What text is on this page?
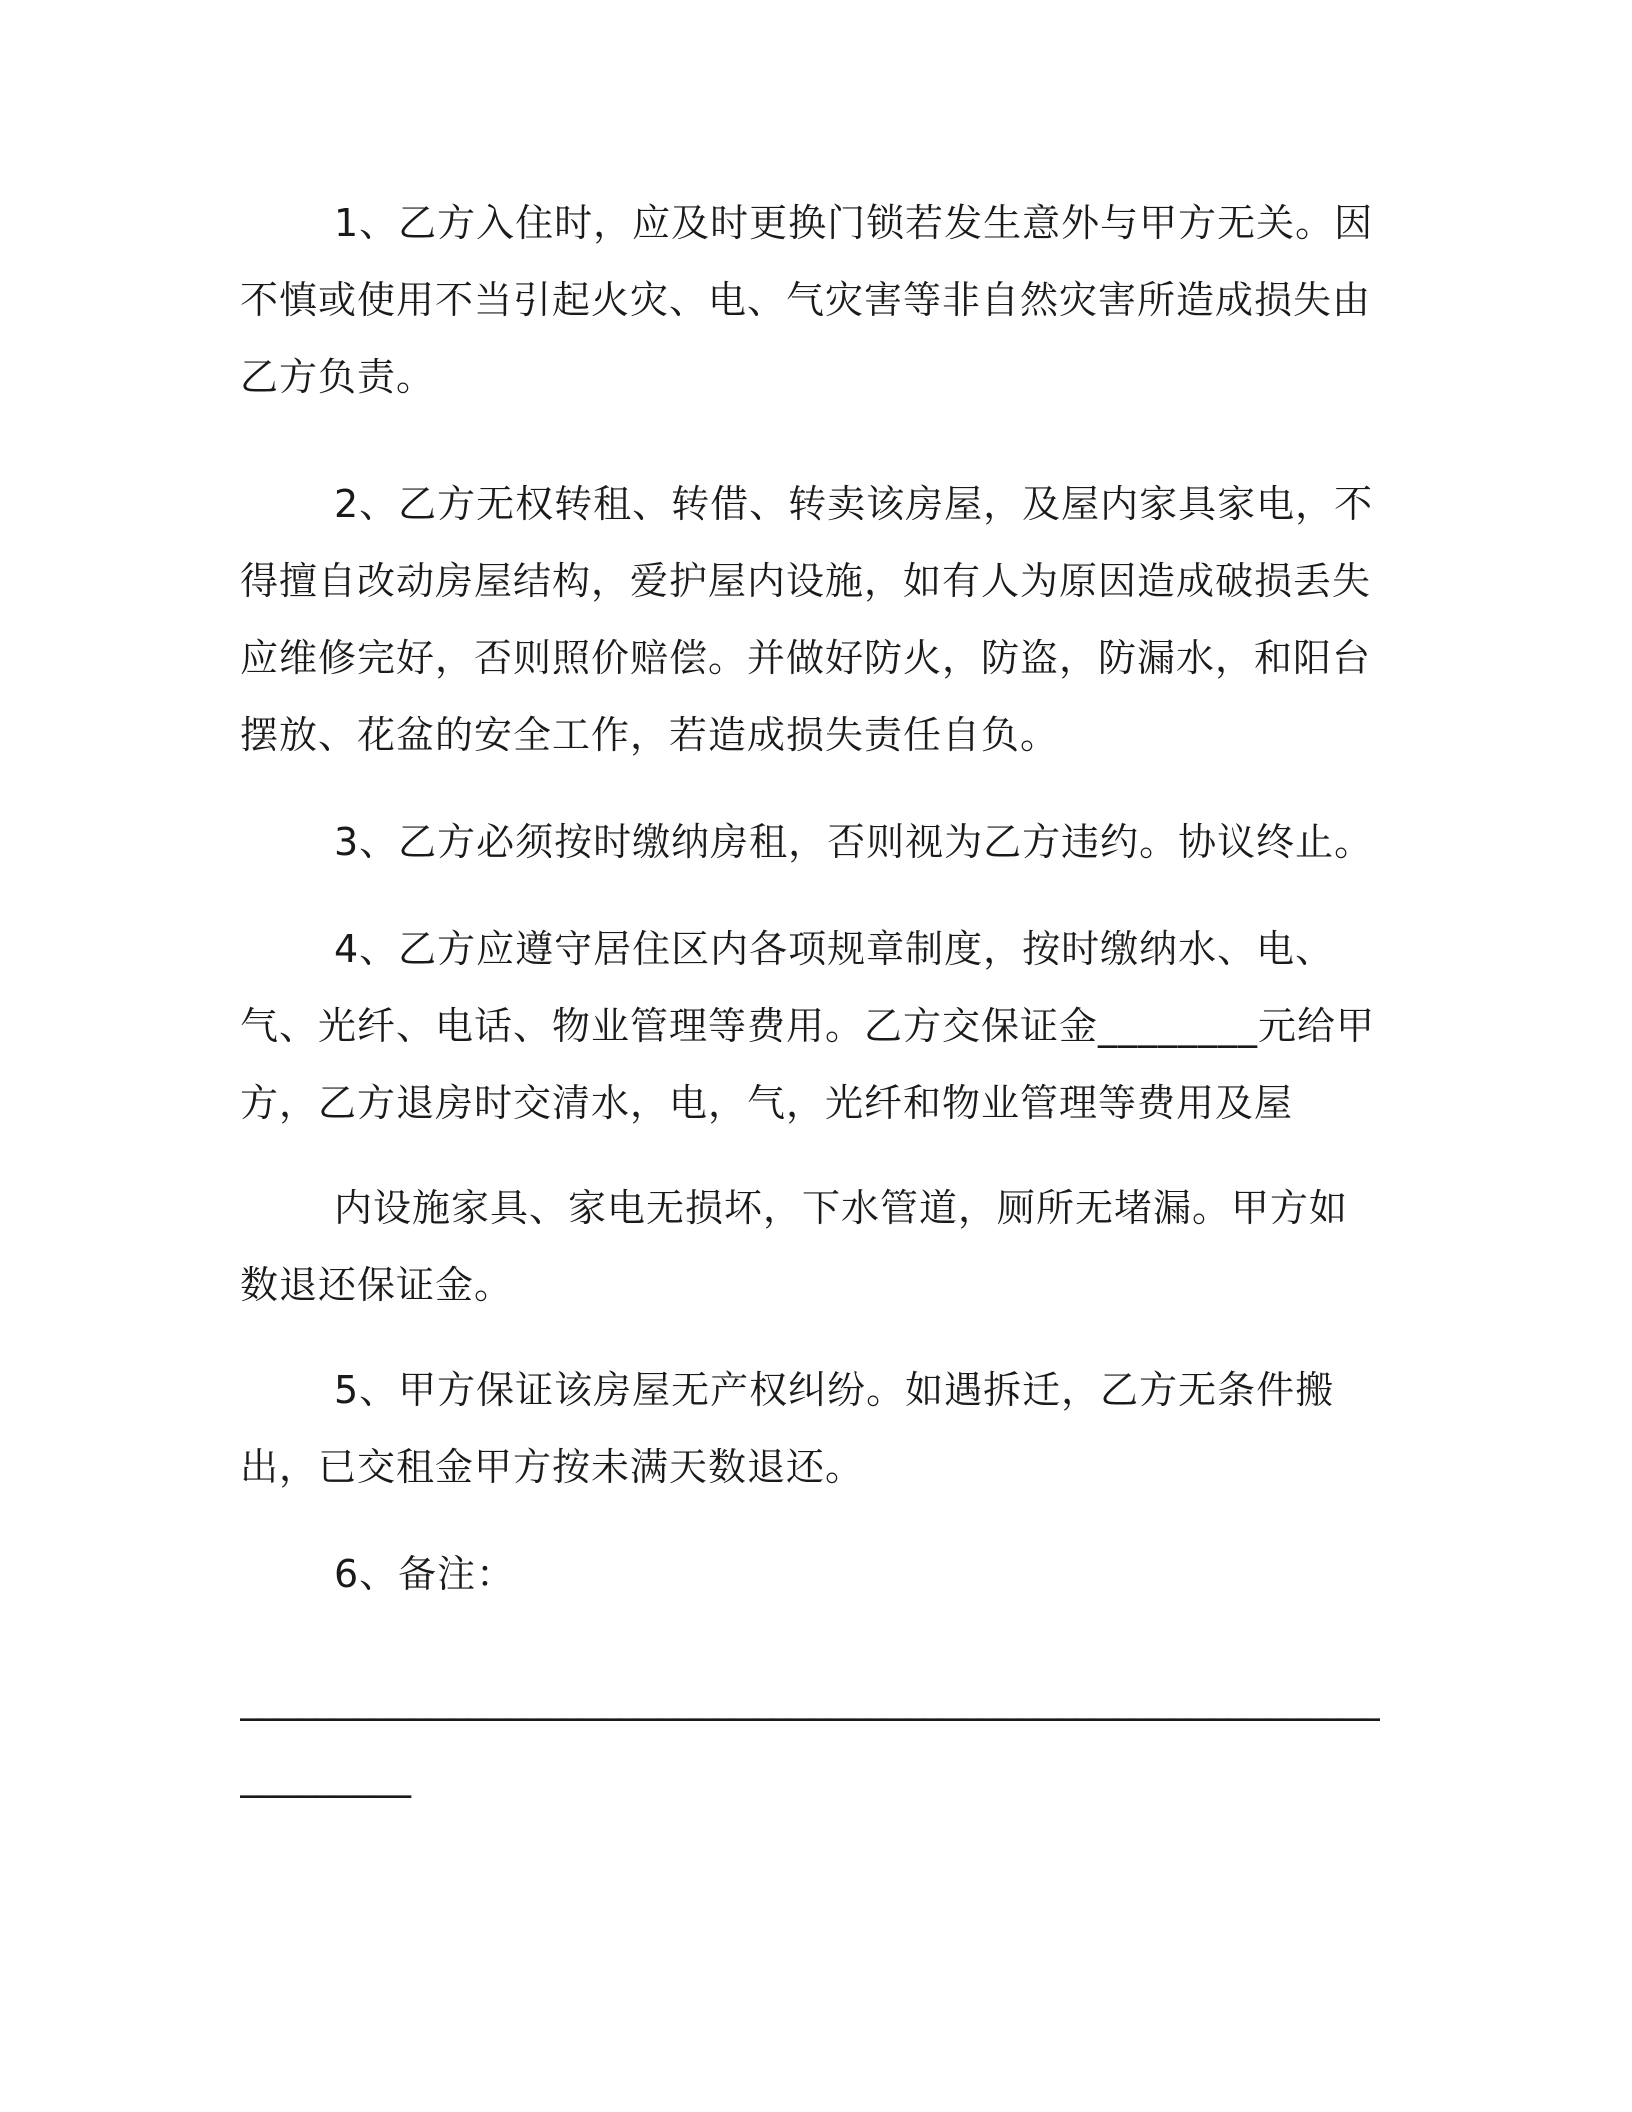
1、乙方入住时，应及时更换门锁若发生意外与甲方无关。因不慎或使用不当引起火灾、电、气灾害等非自然灾害所造成损失由乙方负责。

2、乙方无权转租、转借、转卖该房屋，及屋内家具家电，不得擅自改动房屋结构，爱护屋内设施，如有人为原因造成破损丢失应维修完好，否则照价赔偿。并做好防火，防盗，防漏水，和阳台摆放、花盆的安全工作，若造成损失责任自负。

3、乙方必须按时缴纳房租，否则视为乙方违约。协议终止。

4、乙方应遵守居住区内各项规章制度，按时缴纳水、电、气、光纤、电话、物业管理等费用。乙方交保证金________元给甲方，乙方退房时交清水，电，气，光纤和物业管理等费用及屋

内设施家具、家电无损坏，下水管道，厕所无堵漏。甲方如数退还保证金。

5、甲方保证该房屋无产权纠纷。如遇拆迁，乙方无条件搬出，已交租金甲方按未满天数退还。

6、备注：

____________________________________________________________

_________
